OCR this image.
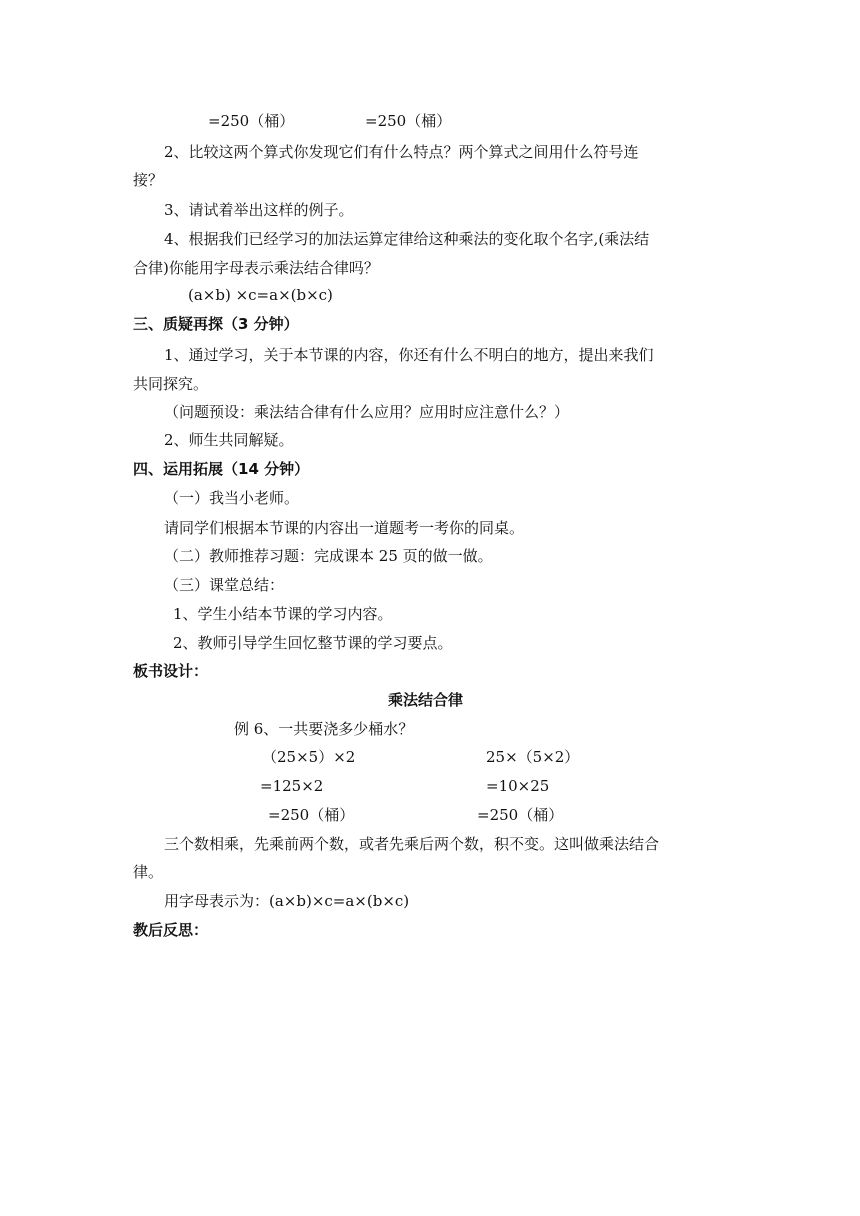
=250（桶）	=250（桶）
2、比较这两个算式你发现它们有什么特点？两个算式之间用什么符号连
接？
3、请试着举出这样的例子。
4、根据我们已经学习的加法运算定律给这种乘法的变化取个名字,(乘法结
合律)你能用字母表示乘法结合律吗？
(a×b) ×c=a×(b×c)
三、质疑再探（3 分钟）
1、通过学习，关于本节课的内容，你还有什么不明白的地方，提出来我们
共同探究。
（问题预设：乘法结合律有什么应用？应用时应注意什么？）
2、师生共同解疑。
四、运用拓展（14 分钟）
（一）我当小老师。
请同学们根据本节课的内容出一道题考一考你的同桌。
（二）教师推荐习题：完成课本 25 页的做一做。
（三）课堂总结：
1、学生小结本节课的学习内容。
2、教师引导学生回忆整节课的学习要点。
板书设计：
乘法结合律
例 6、一共要浇多少桶水？
（25×5）×2	25×（5×2）
=125×2	=10×25
=250（桶）	=250（桶）
三个数相乘，先乘前两个数，或者先乘后两个数，积不变。这叫做乘法结合
律。
用字母表示为：(a×b)×c=a×(b×c)
教后反思：
